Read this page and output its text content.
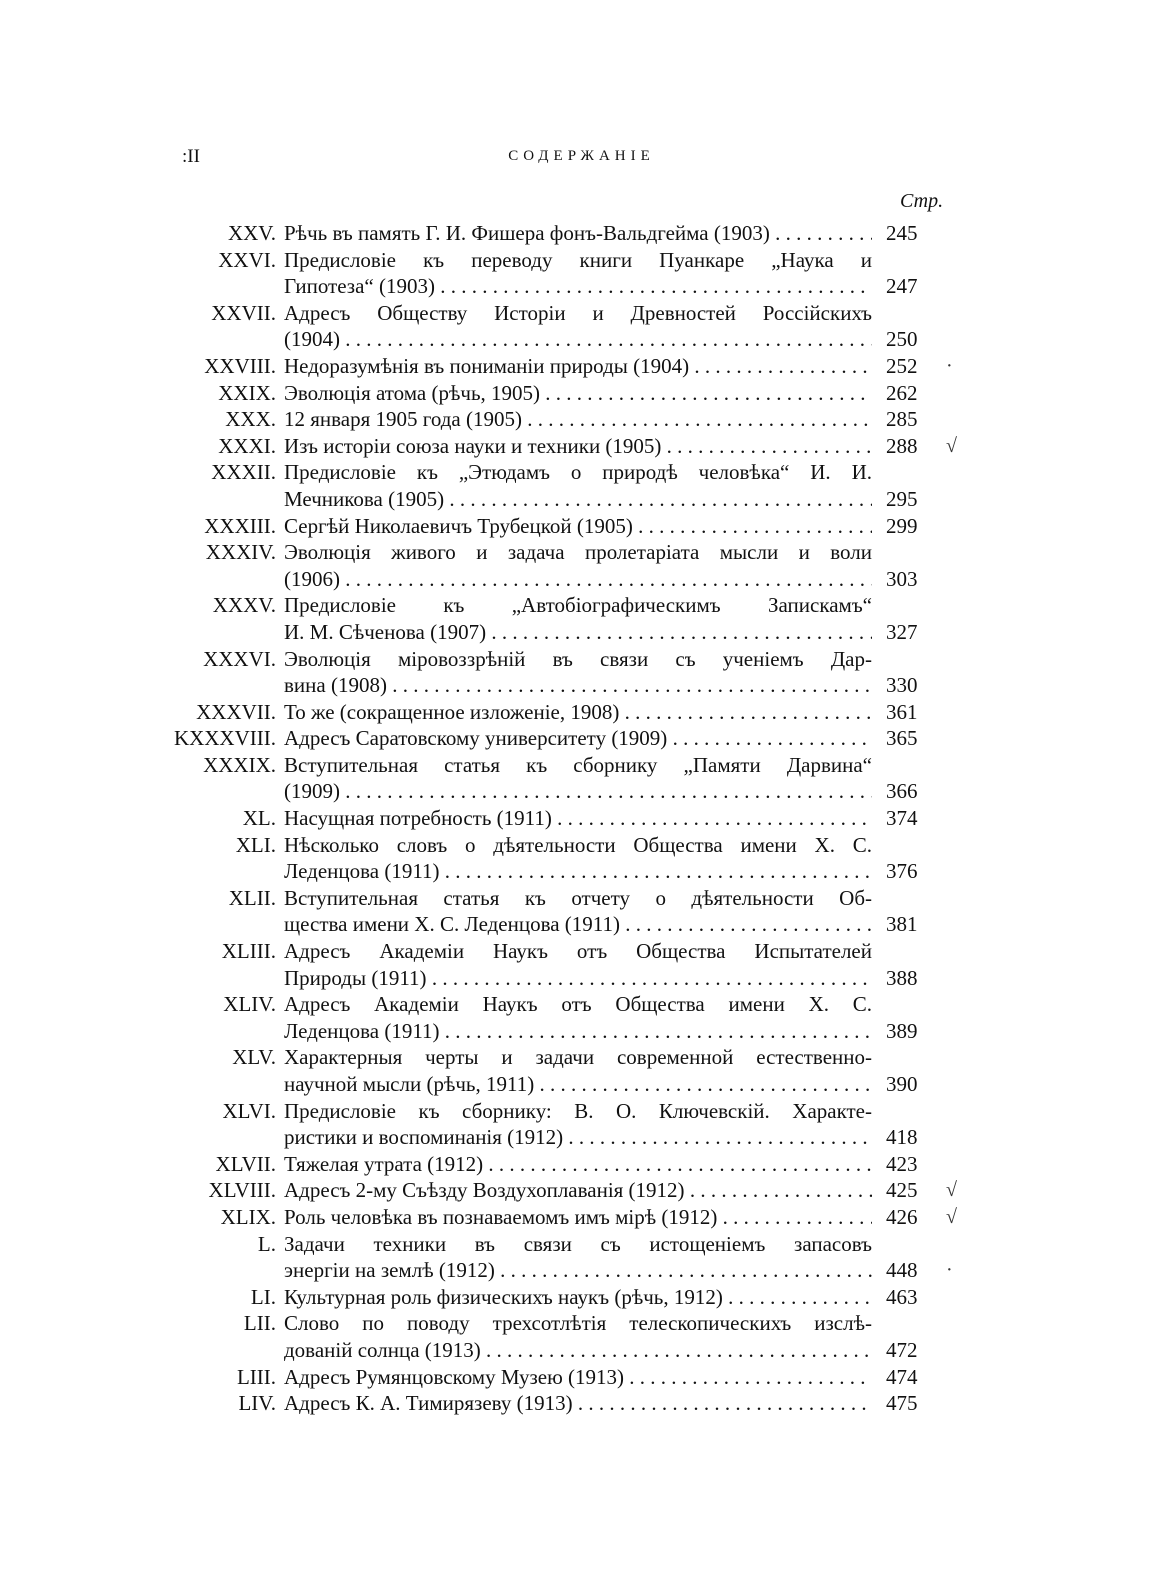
:II	СОДЕРЖАНІЕ
Стр.
XXV. Рѣчь въ память Г. И. Фишера фонъ-Вальдгейма (1903) . . .	245
XXVI. Предисловіе къ переводу книги Пуанкаре „Наука и
Гипотеза“ (1903) . . .	247
XXVII. Адресъ Обществу Исторіи и Древностей Россійскихъ
(1904) . . .	250
XXVIII. Недоразумѣнія въ пониманіи природы (1904) . . .	252	·
XXIX. Эволюція атома (рѣчь, 1905) . . .	262
XXX. 12 января 1905 года (1905) . . .	285
XXXI. Изъ исторіи союза науки и техники (1905) . . .	288	√
XXXII. Предисловіе къ „Этюдамъ о природѣ человѣка“ И. И.
Мечникова (1905) . . .	295
XXXIII. Сергѣй Николаевичъ Трубецкой (1905) . . .	299
XXXIV. Эволюція живого и задача пролетаріата мысли и воли
(1906) . . .	303
XXXV. Предисловіе къ „Автобіографическимъ Запискамъ“
И. М. Сѣченова (1907) . . .	327
XXXVI. Эволюція міровоззрѣній въ связи съ ученіемъ Дар-
вина (1908) . . .	330
XXXVII. То же (сокращенное изложеніе, 1908) . . .	361
ΚXXXVIII. Адресъ Саратовскому университету (1909) . . .	365
XXXIX. Вступительная статья къ сборнику „Памяти Дарвина“
(1909) . . .	366
XL. Насущная потребность (1911) . . .	374
XLI. Нѣсколько словъ о дѣятельности Общества имени Х. С.
Леденцова (1911) . . .	376
XLII. Вступительная статья къ отчету о дѣятельности Об-
щества имени Х. С. Леденцова (1911) . . .	381
XLIII. Адресъ Академіи Наукъ отъ Общества Испытателей
Природы (1911) . . .	388
XLIV. Адресъ Академіи Наукъ отъ Общества имени Х. С.
Леденцова (1911) . . .	389
XLV. Характерныя черты и задачи современной естественно-
научной мысли (рѣчь, 1911) . . .	390
XLVI. Предисловіе къ сборнику: В. О. Ключевскій. Характе-
ристики и воспоминанія (1912) . . .	418
XLVII. Тяжелая утрата (1912) . . .	423
XLVIII. Адресъ 2-му Съѣзду Воздухоплаванія (1912) . . .	425	√
XLIX. Роль человѣка въ познаваемомъ имъ мірѣ (1912) . . .	426	√
L. Задачи техники въ связи съ истощеніемъ запасовъ
энергіи на землѣ (1912) . . .	448	·
LI. Культурная роль физическихъ наукъ (рѣчь, 1912) . . .	463
LII. Слово по поводу трехсотлѣтія телескопическихъ изслѣ-
дованій солнца (1913) . . .	472
LIII. Адресъ Румянцовскому Музею (1913) . . .	474
LIV. Адресъ К. А. Тимирязеву (1913) . . .	475
